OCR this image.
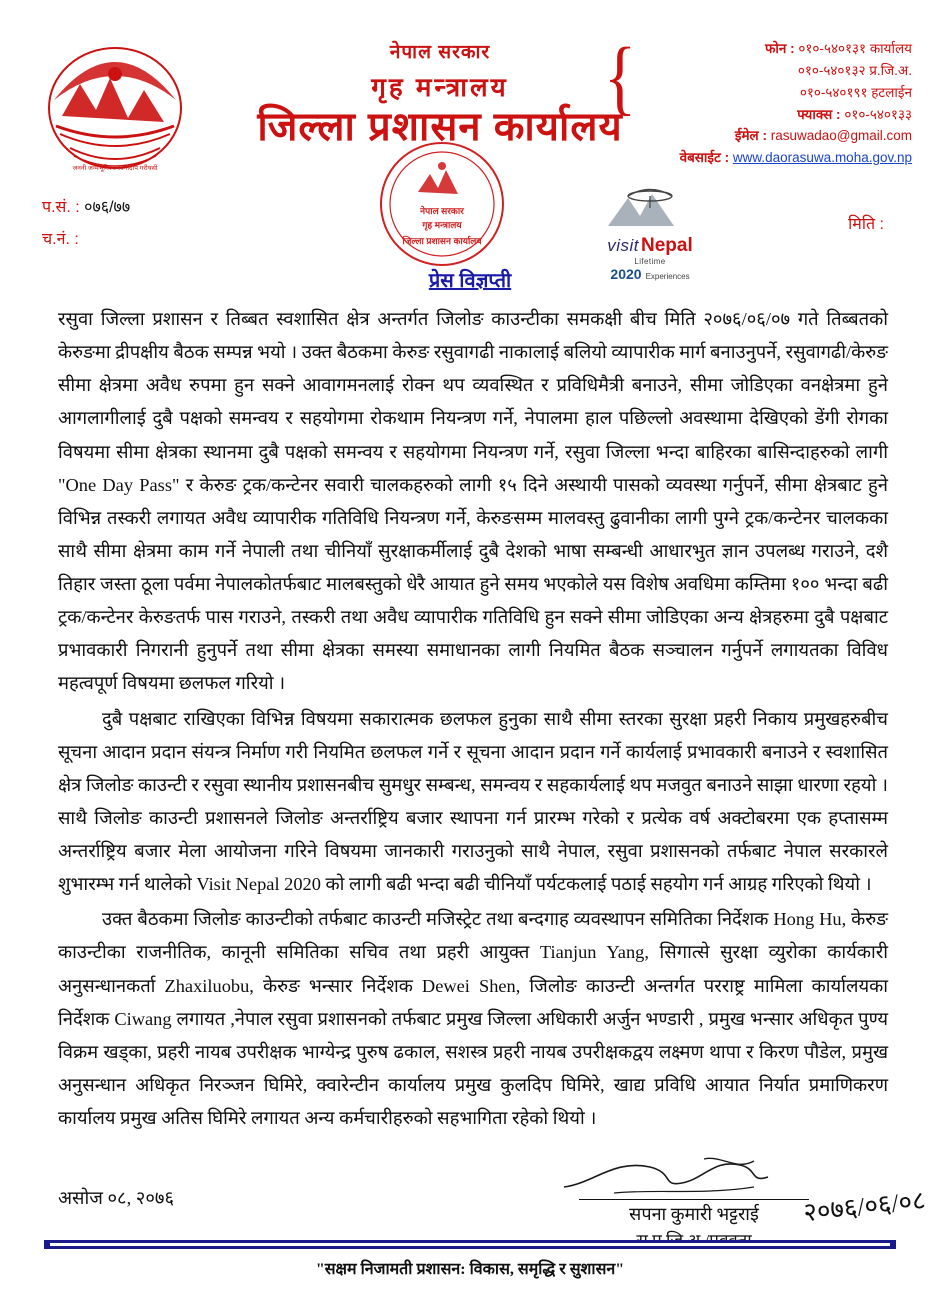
जननी जन्मभूमिश्च स्वर्गादपि गरीयसी
नेपाल सरकार
गृह मन्त्रालय
जिल्ला प्रशासन कार्यालय
नेपाल सरकार
गृह मन्त्रालय
जिल्ला प्रशासन कार्यालय
{	फोन : ०१०-५४०१३१ कार्यालय
०१०-५४०१३२ प्र.जि.अ.
०१०-५४०१९१ हटलाईन
फ्याक्स : ०१०-५४०१३३
ईमेल : rasuwadao@gmail.com
वेबसाईट : www.daorasuwa.moha.gov.np
प.सं. : ०७६/७७
च.नं. :
मिति :
visit Nepal
Lifetime
2020 Experiences
प्रेस विज्ञप्ती

रसुवा जिल्ला प्रशासन र तिब्बत स्वशासित क्षेत्र अन्तर्गत जिलोङ काउन्टीका समकक्षी बीच मिति २०७६/०६/०७ गते तिब्बतको केरुङमा द्रीपक्षीय बैठक सम्पन्न भयो । उक्त बैठकमा केरुङ रसुवागढी नाकालाई बलियो व्यापारीक मार्ग बनाउनुपर्ने, रसुवागढी/केरुङ सीमा क्षेत्रमा अवैध रुपमा हुन सक्ने आवागमनलाई रोक्न थप व्यवस्थित र प्रविधिमैत्री बनाउने, सीमा जोडिएका वनक्षेत्रमा हुने आगलागीलाई दुबै पक्षको समन्वय र सहयोगमा रोकथाम नियन्त्रण गर्ने, नेपालमा हाल पछिल्लो अवस्थामा देखिएको डेंगी रोगका विषयमा सीमा क्षेत्रका स्थानमा दुबै पक्षको समन्वय र सहयोगमा नियन्त्रण गर्ने, रसुवा जिल्ला भन्दा बाहिरका बासिन्दाहरुको लागी "One Day Pass" र केरुङ ट्रक/कन्टेनर सवारी चालकहरुको लागी १५ दिने अस्थायी पासको व्यवस्था गर्नुपर्ने, सीमा क्षेत्रबाट हुने विभिन्न तस्करी लगायत अवैध व्यापारीक गतिविधि नियन्त्रण गर्ने, केरुङसम्म मालवस्तु ढुवानीका लागी पुग्ने ट्रक/कन्टेनर चालकका साथै सीमा क्षेत्रमा काम गर्ने नेपाली तथा चीनियाँ सुरक्षाकर्मीलाई दुबै देशको भाषा सम्बन्धी आधारभुत ज्ञान उपलब्ध गराउने, दशै तिहार जस्ता ठूला पर्वमा नेपालकोतर्फबाट मालबस्तुको धेरै आयात हुने समय भएकोले यस विशेष अवधिमा कम्तिमा १०० भन्दा बढी ट्रक/कन्टेनर केरुङतर्फ पास गराउने, तस्करी तथा अवैध व्यापारीक गतिविधि हुन सक्ने सीमा जोडिएका अन्य क्षेत्रहरुमा दुबै पक्षबाट प्रभावकारी निगरानी हुनुपर्ने तथा सीमा क्षेत्रका समस्या समाधानका लागी नियमित बैठक सञ्चालन गर्नुपर्ने लगायतका विविध महत्वपूर्ण विषयमा छलफल गरियो ।

दुबै पक्षबाट राखिएका विभिन्न विषयमा सकारात्मक छलफल हुनुका साथै सीमा स्तरका सुरक्षा प्रहरी निकाय प्रमुखहरुबीच सूचना आदान प्रदान संयन्त्र निर्माण गरी नियमित छलफल गर्ने र सूचना आदान प्रदान गर्ने कार्यलाई प्रभावकारी बनाउने र स्वशासित क्षेत्र जिलोङ काउन्टी र रसुवा स्थानीय प्रशासनबीच सुमधुर सम्बन्ध, समन्वय र सहकार्यलाई थप मजवुत बनाउने साझा धारणा रहयो । साथै जिलोङ काउन्टी प्रशासनले जिलोङ अन्तर्राष्ट्रिय बजार स्थापना गर्न प्रारम्भ गरेको र प्रत्येक वर्ष अक्टोबरमा एक हप्तासम्म अन्तर्राष्ट्रिय बजार मेला आयोजना गरिने विषयमा जानकारी गराउनुको साथै नेपाल, रसुवा प्रशासनको तर्फबाट नेपाल सरकारले शुभारम्भ गर्न थालेको Visit Nepal 2020 को लागी बढी भन्दा बढी चीनियाँ पर्यटकलाई पठाई सहयोग गर्न आग्रह गरिएको थियो ।

उक्त बैठकमा जिलोङ काउन्टीको तर्फबाट काउन्टी मजिस्ट्रेट तथा बन्दगाह व्यवस्थापन समितिका निर्देशक Hong Hu, केरुङ काउन्टीका राजनीतिक, कानूनी समितिका सचिव तथा प्रहरी आयुक्त Tianjun Yang, सिगात्से सुरक्षा व्युरोका कार्यकारी अनुसन्धानकर्ता Zhaxiluobu, केरुङ भन्सार निर्देशक Dewei Shen, जिलोङ काउन्टी अन्तर्गत परराष्ट्र मामिला कार्यालयका निर्देशक Ciwang लगायत ,नेपाल रसुवा प्रशासनको तर्फबाट प्रमुख जिल्ला अधिकारी अर्जुन भण्डारी , प्रमुख भन्सार अधिकृत पुण्य विक्रम खड्का, प्रहरी नायब उपरीक्षक भाग्येन्द्र पुरुष ढकाल, सशस्त्र प्रहरी नायब उपरीक्षकद्वय लक्ष्मण थापा र किरण पौडेल, प्रमुख अनुसन्धान अधिकृत निरञ्जन घिमिरे, क्वारेन्टीन कार्यालय प्रमुख कुलदिप घिमिरे, खाद्य प्रविधि आयात निर्यात प्रमाणिकरण कार्यालय प्रमुख अतिस घिमिरे लगायत अन्य कर्मचारीहरुको सहभागिता रहेको थियो ।

असोज ०८, २०७६
सपना कुमारी भट्टराई	२०७६/०६/०८
"सक्षम निजामती प्रशासन: विकास, समृद्धि र सुशासन"
